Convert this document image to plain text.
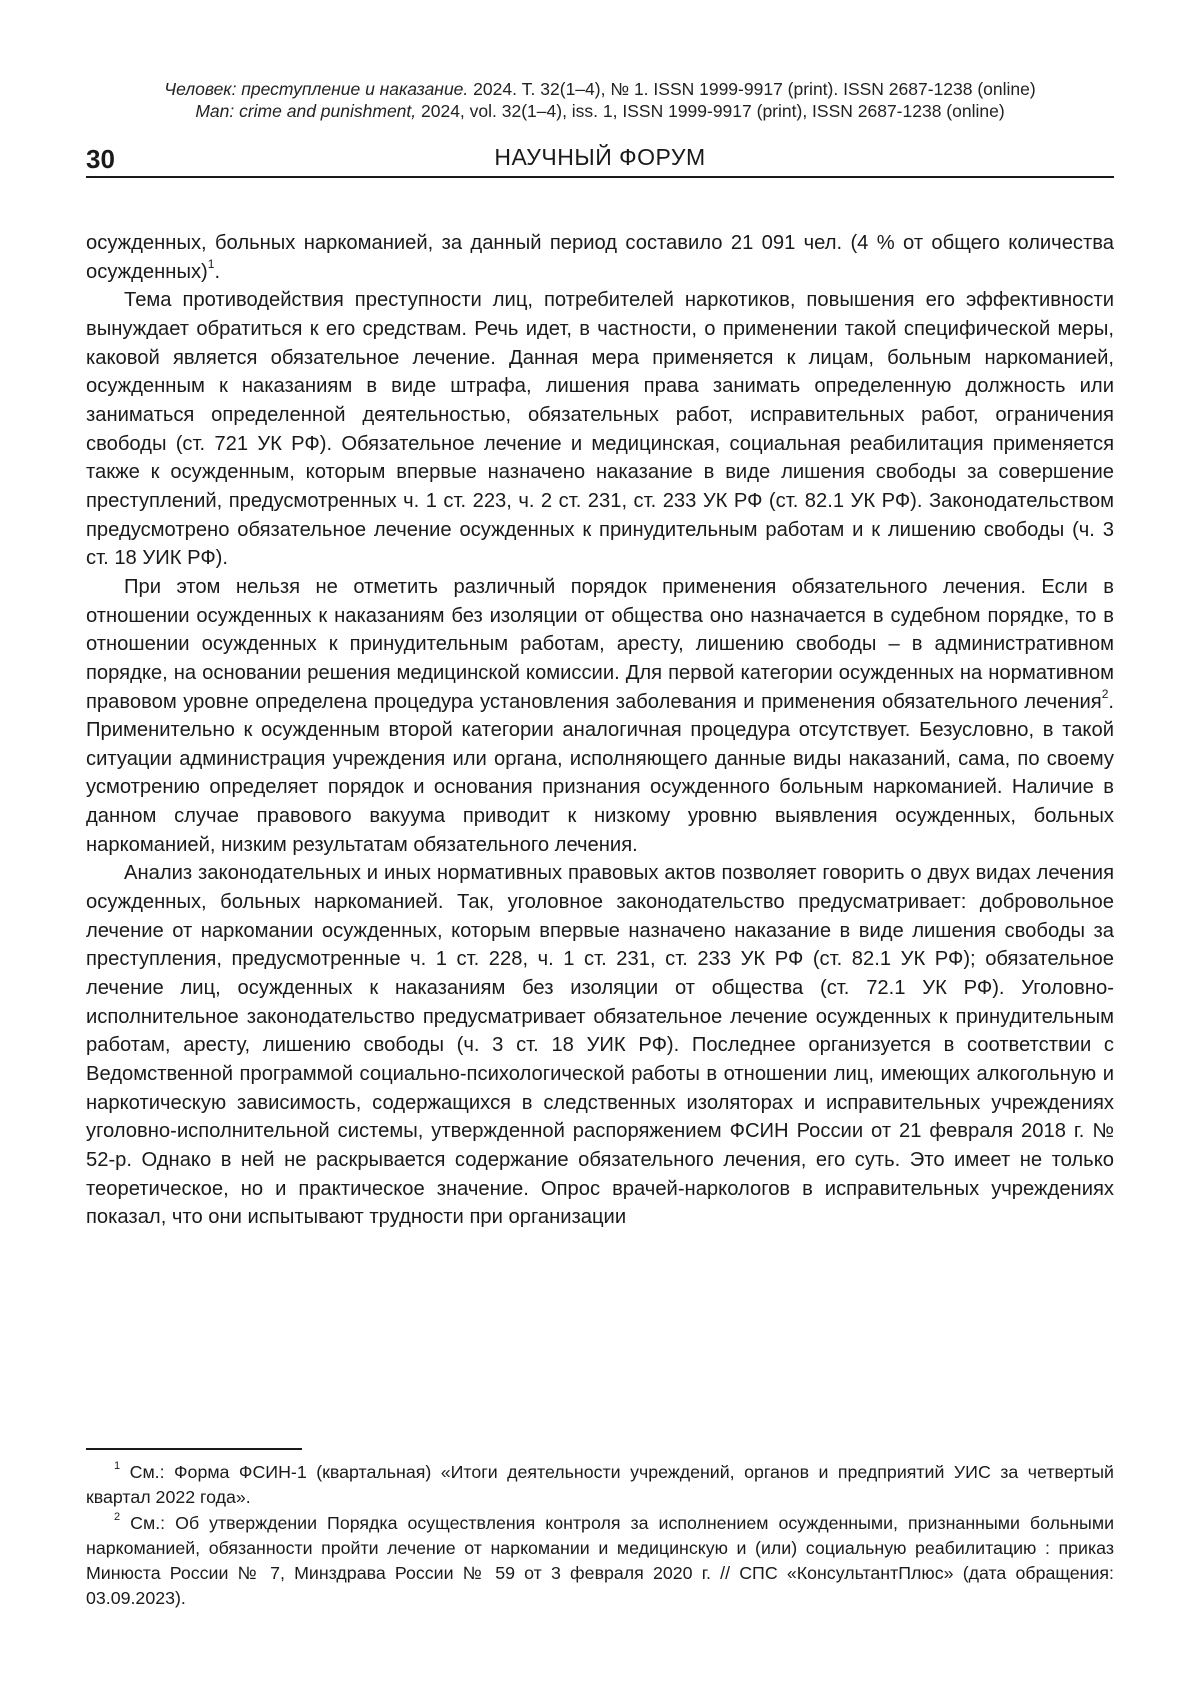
Человек: преступление и наказание. 2024. Т. 32(1–4), № 1. ISSN 1999-9917 (print). ISSN 2687-1238 (online)
Man: crime and punishment, 2024, vol. 32(1–4), iss. 1, ISSN 1999-9917 (print), ISSN 2687-1238 (online)
30	НАУЧНЫЙ ФОРУМ

осужденных, больных наркоманией, за данный период составило 21 091 чел. (4 % от общего количества осужденных)$^1$.

Тема противодействия преступности лиц, потребителей наркотиков, повышения его эффективности вынуждает обратиться к его средствам. Речь идет, в частности, о применении такой специфической меры, каковой является обязательное лечение. Данная мера применяется к лицам, больным наркоманией, осужденным к наказаниям в виде штрафа, лишения права занимать определенную должность или заниматься определенной деятельностью, обязательных работ, исправительных работ, ограничения свободы (ст. 721 УК РФ). Обязательное лечение и медицинская, социальная реабилитация применяется также к осужденным, которым впервые назначено наказание в виде лишения свободы за совершение преступлений, предусмотренных ч. 1 ст. 223, ч. 2 ст. 231, ст. 233 УК РФ (ст. 82.1 УК РФ). Законодательством предусмотрено обязательное лечение осужденных к принудительным работам и к лишению свободы (ч. 3 ст. 18 УИК РФ).

При этом нельзя не отметить различный порядок применения обязательного лечения. Если в отношении осужденных к наказаниям без изоляции от общества оно назначается в судебном порядке, то в отношении осужденных к принудительным работам, аресту, лишению свободы – в административном порядке, на основании решения медицинской комиссии. Для первой категории осужденных на нормативном правовом уровне определена процедура установления заболевания и применения обязательного лечения$^2$. Применительно к осужденным второй категории аналогичная процедура отсутствует. Безусловно, в такой ситуации администрация учреждения или органа, исполняющего данные виды наказаний, сама, по своему усмотрению определяет порядок и основания признания осужденного больным наркоманией. Наличие в данном случае правового вакуума приводит к низкому уровню выявления осужденных, больных наркоманией, низким результатам обязательного лечения.

Анализ законодательных и иных нормативных правовых актов позволяет говорить о двух видах лечения осужденных, больных наркоманией. Так, уголовное законодательство предусматривает: добровольное лечение от наркомании осужденных, которым впервые назначено наказание в виде лишения свободы за преступления, предусмотренные ч. 1 ст. 228, ч. 1 ст. 231, ст. 233 УК РФ (ст. 82.1 УК РФ); обязательное лечение лиц, осужденных к наказаниям без изоляции от общества (ст. 72.1 УК РФ). Уголовно-исполнительное законодательство предусматривает обязательное лечение осужденных к принудительным работам, аресту, лишению свободы (ч. 3 ст. 18 УИК РФ). Последнее организуется в соответствии с Ведомственной программой социально-психологической работы в отношении лиц, имеющих алкогольную и наркотическую зависимость, содержащихся в следственных изоляторах и исправительных учреждениях уголовно-исполнительной системы, утвержденной распоряжением ФСИН России от 21 февраля 2018 г. № 52-р. Однако в ней не раскрывается содержание обязательного лечения, его суть. Это имеет не только теоретическое, но и практическое значение. Опрос врачей-наркологов в исправительных учреждениях показал, что они испытывают трудности при организации

$^1$ См.: Форма ФСИН-1 (квартальная) «Итоги деятельности учреждений, органов и предприятий УИС за четвертый квартал 2022 года».

$^2$ См.: Об утверждении Порядка осуществления контроля за исполнением осужденными, признанными больными наркоманией, обязанности пройти лечение от наркомании и медицинскую и (или) социальную реабилитацию : приказ Минюста России № 7, Минздрава России № 59 от 3 февраля 2020 г. // СПС «КонсультантПлюс» (дата обращения: 03.09.2023).
